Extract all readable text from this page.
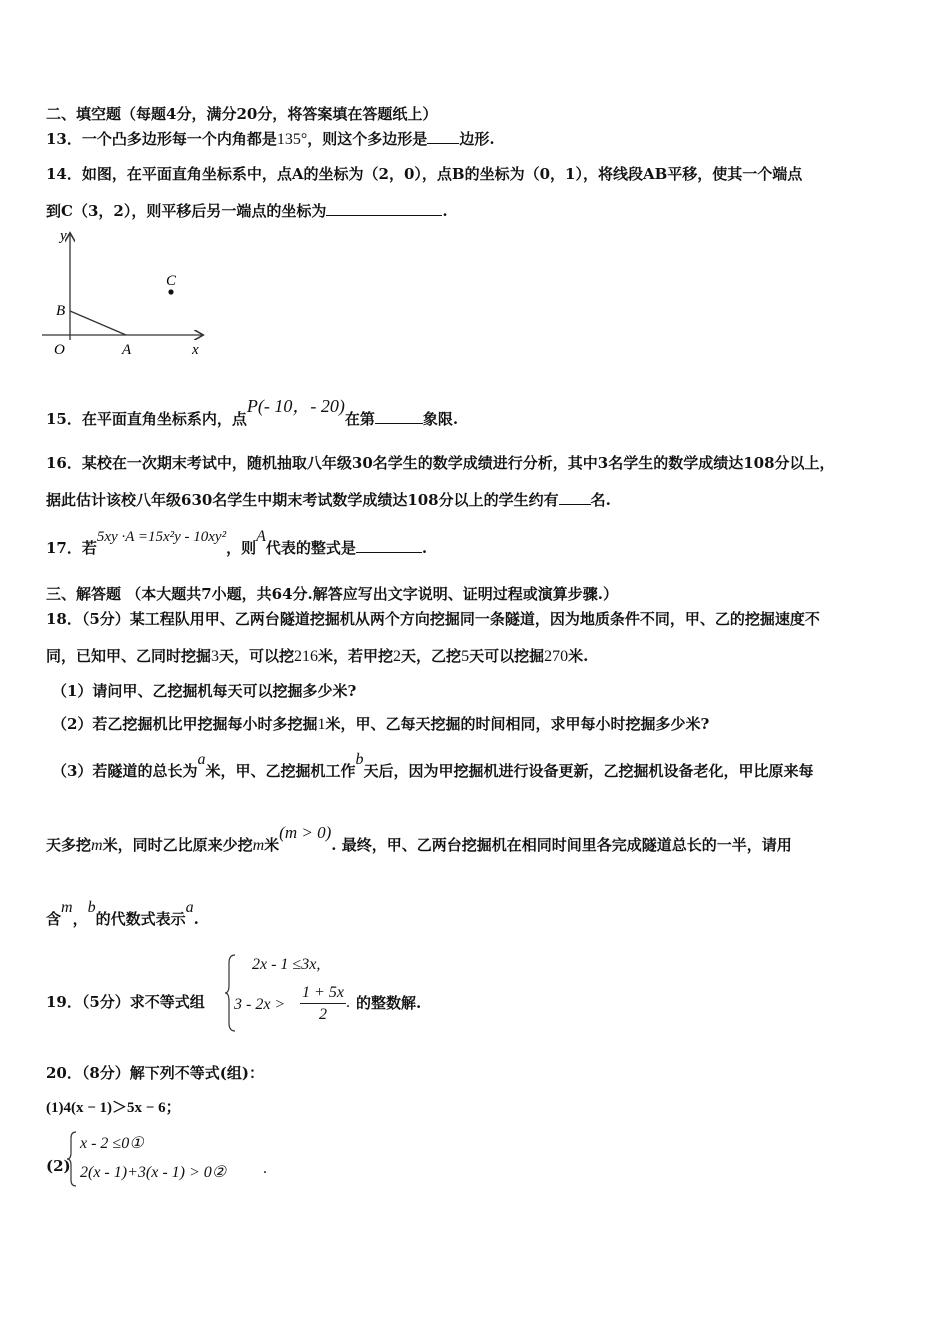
二、填空题（每题4分，满分20分，将答案填在答题纸上）
13．一个凸多边形每一个内角都是135°，则这个多边形是 边形.
14．如图，在平面直角坐标系中，点A的坐标为（2，0），点B的坐标为（0，1），将线段AB平移，使其一个端点
到C（3，2），则平移后另一端点的坐标为	.
y
x
O	A
B
C
15．在平面直角坐标系内，点P(- 10，- 20)在第	象限.
16．某校在一次期末考试中，随机抽取八年级30名学生的数学成绩进行分析，其中3名学生的数学成绩达108分以上，
据此估计该校八年级630名学生中期末考试数学成绩达108分以上的学生约有 名.
17．若5xy ·A =15x²y - 10xy²，则A代表的整式是	.
三、解答题 （本大题共7小题，共64分.解答应写出文字说明、证明过程或演算步骤.）
18．（5分）某工程队用甲、乙两台隧道挖掘机从两个方向挖掘同一条隧道，因为地质条件不同，甲、乙的挖掘速度不
同，已知甲、乙同时挖掘3天，可以挖216米，若甲挖2天，乙挖5天可以挖掘270米.
（1）请问甲、乙挖掘机每天可以挖掘多少米?
（2）若乙挖掘机比甲挖掘每小时多挖掘1米，甲、乙每天挖掘的时间相同，求甲每小时挖掘多少米?
（3）若隧道的总长为a米，甲、乙挖掘机工作b天后，因为甲挖掘机进行设备更新，乙挖掘机设备老化，甲比原来每
天多挖m米，同时乙比原来少挖m米(m > 0). 最终，甲、乙两台挖掘机在相同时间里各完成隧道总长的一半，请用
含m，b的代数式表示a.
19．（5分）求不等式组
2x - 1 ≤3x,
$3 - 2x > \frac{1 + 5x}{2}$ . 的整数解.
20．（8分）解下列不等式(组)：
(1)4(x − 1)＞5x − 6；
(2)
x - 2 ≤0①
2(x - 1)+3(x - 1) > 0② .
